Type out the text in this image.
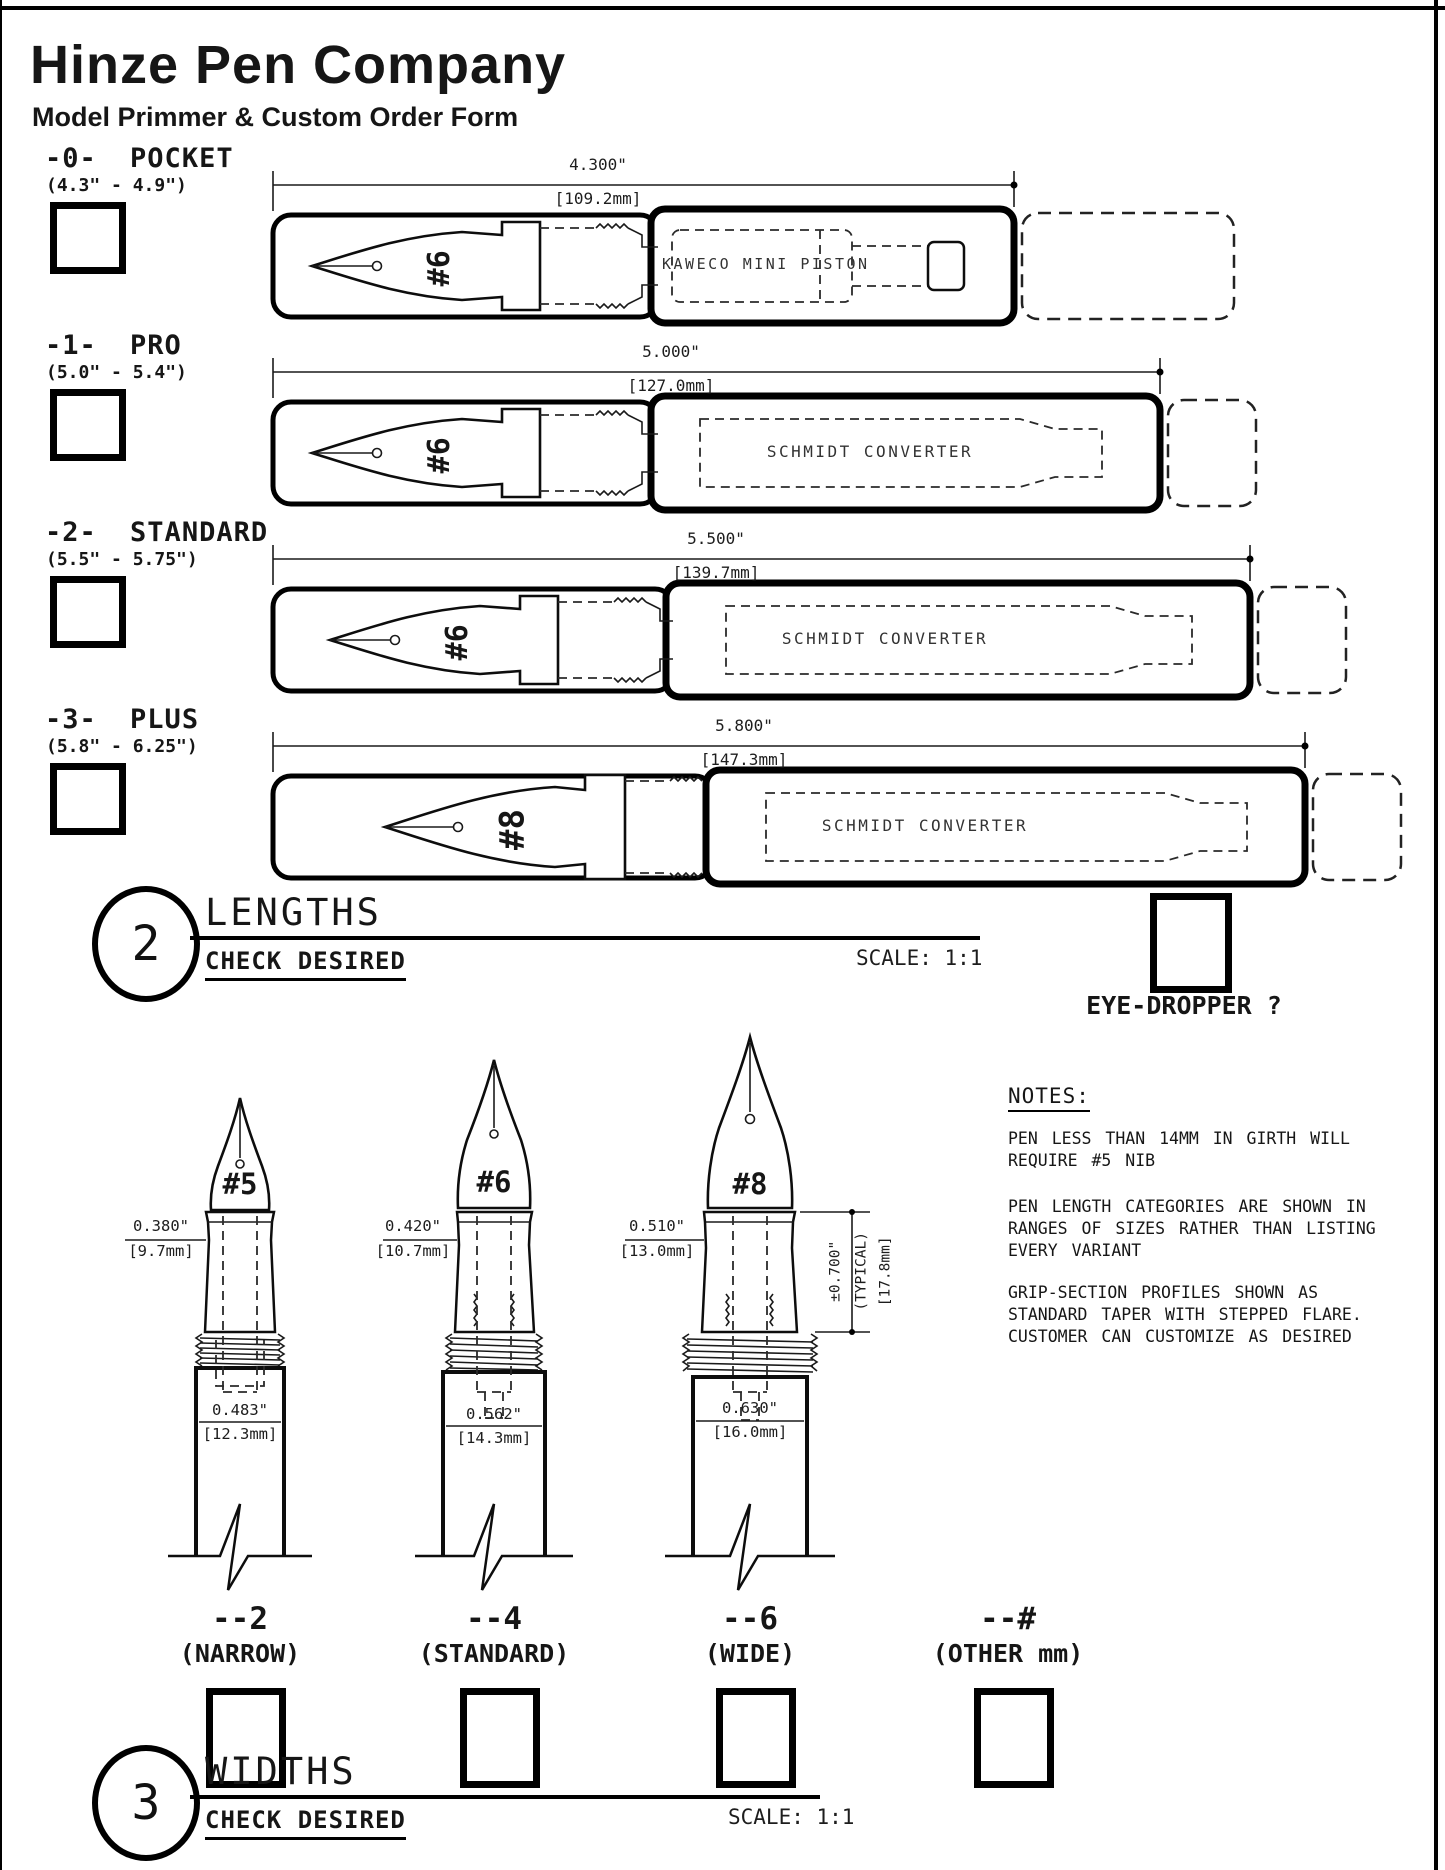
Hinze Pen Company
Model Primmer & Custom Order Form
-0- POCKET
(4.3" - 4.9")
4.300"
[109.2mm]
#6	KAWECO MINI PISTON
-1- PRO
(5.0" - 5.4")
5.000"
[127.0mm]
#6	SCHMIDT CONVERTER
-2- STANDARD
(5.5" - 5.75")
5.500"
[139.7mm]
#6	SCHMIDT CONVERTER
-3- PLUS
(5.8" - 6.25")
5.800"
[147.3mm]
#8	SCHMIDT CONVERTER
2
LENGTHS
CHECK DESIRED	SCALE: 1:1
EYE-DROPPER ?
#5	#6	#8
0.380"
[9.7mm]
0.420"
[10.7mm]
0.510"
[13.0mm]
0.483"
[12.3mm]
0.562"
[14.3mm]
0.630"
[16.0mm]
±0.700" (TYPICAL) [17.8mm]
NOTES:
PEN LESS THAN 14MM IN GIRTH WILL
REQUIRE #5 NIB
PEN LENGTH CATEGORIES ARE SHOWN IN
RANGES OF SIZES RATHER THAN LISTING
EVERY VARIANT
GRIP-SECTION PROFILES SHOWN AS
STANDARD TAPER WITH STEPPED FLARE.
CUSTOMER CAN CUSTOMIZE AS DESIRED
--2
(NARROW)
--4
(STANDARD)
--6
(WIDE)
--#
(OTHER mm)
3
WIDTHS
CHECK DESIRED	SCALE: 1:1
